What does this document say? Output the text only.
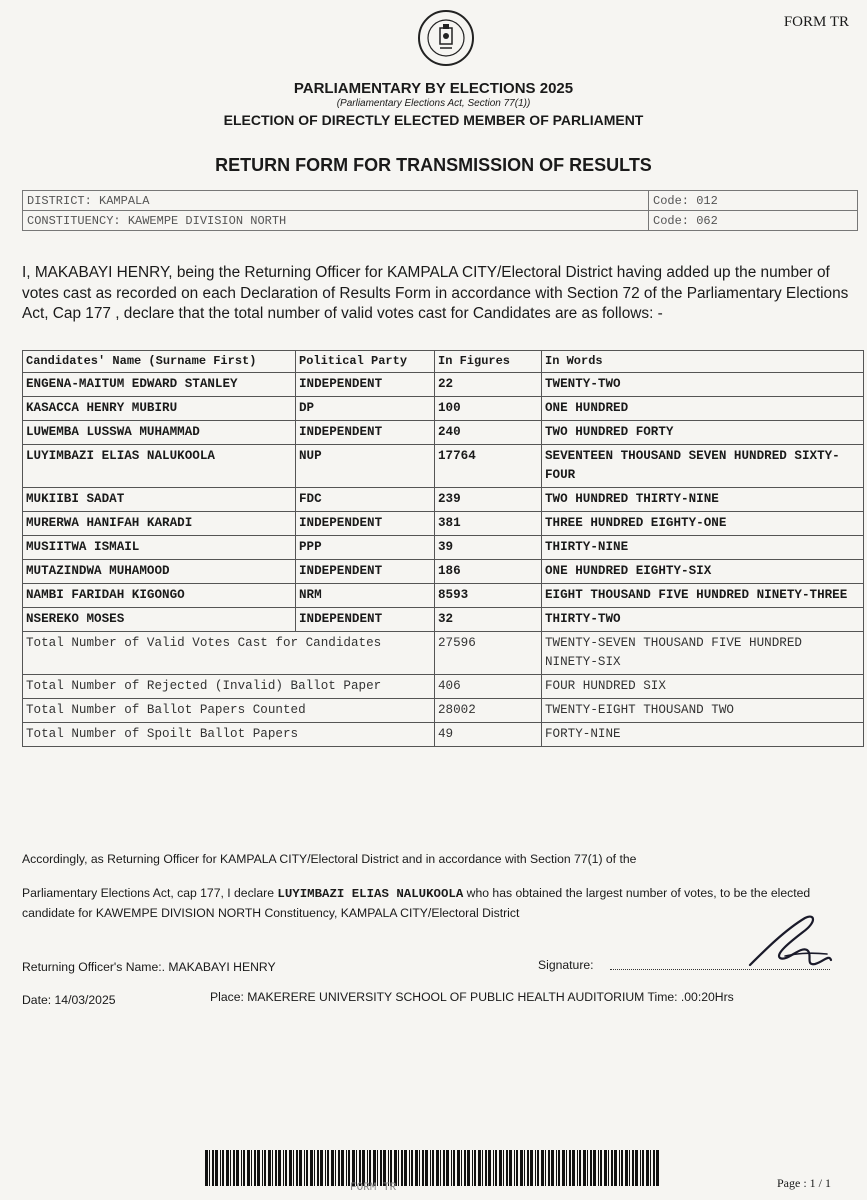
FORM TR
PARLIAMENTARY BY ELECTIONS 2025
(Parliamentary Elections Act, Section 77(1))
ELECTION OF DIRECTLY ELECTED MEMBER OF PARLIAMENT
RETURN FORM FOR TRANSMISSION OF RESULTS
DISTRICT: KAMPALA	Code: 012
CONSTITUENCY: KAWEMPE DIVISION NORTH	Code: 062
I, MAKABAYI HENRY, being the Returning Officer for KAMPALA CITY/Electoral District having added up the number of votes cast as recorded on each Declaration of Results Form in accordance with Section 72 of the Parliamentary Elections Act, Cap 177 , declare that the total number of valid votes cast for Candidates are as follows: -
Candidates' Name (Surname First)	Political Party	In Figures	In Words
ENGENA-MAITUM EDWARD STANLEY	INDEPENDENT	22	TWENTY-TWO
KASACCA HENRY MUBIRU	DP	100	ONE HUNDRED
LUWEMBA LUSSWA MUHAMMAD	INDEPENDENT	240	TWO HUNDRED FORTY
LUYIMBAZI ELIAS NALUKOOLA	NUP	17764	SEVENTEEN THOUSAND SEVEN HUNDRED SIXTY-FOUR
MUKIIBI SADAT	FDC	239	TWO HUNDRED THIRTY-NINE
MURERWA HANIFAH KARADI	INDEPENDENT	381	THREE HUNDRED EIGHTY-ONE
MUSIITWA ISMAIL	PPP	39	THIRTY-NINE
MUTAZINDWA MUHAMOOD	INDEPENDENT	186	ONE HUNDRED EIGHTY-SIX
NAMBI FARIDAH KIGONGO	NRM	8593	EIGHT THOUSAND FIVE HUNDRED NINETY-THREE
NSEREKO MOSES	INDEPENDENT	32	THIRTY-TWO
Total Number of Valid Votes Cast for Candidates		27596	TWENTY-SEVEN THOUSAND FIVE HUNDRED NINETY-SIX
Total Number of Rejected (Invalid) Ballot Paper		406	FOUR HUNDRED SIX
Total Number of Ballot Papers Counted		28002	TWENTY-EIGHT THOUSAND TWO
Total Number of Spoilt Ballot Papers		49	FORTY-NINE
Accordingly, as Returning Officer for KAMPALA CITY/Electoral District and in accordance with Section 77(1) of the
Parliamentary Elections Act, cap 177, I declare LUYIMBAZI ELIAS NALUKOOLA who has obtained the largest number of votes, to be the elected candidate for KAWEMPE DIVISION NORTH Constituency, KAMPALA CITY/Electoral District
Returning Officer's Name:. MAKABAYI HENRY	Signature:
Date: 14/03/2025	Place: MAKERERE UNIVERSITY SCHOOL OF PUBLIC HEALTH AUDITORIUM Time: .00:20Hrs
FORM TR	Page : 1 / 1
